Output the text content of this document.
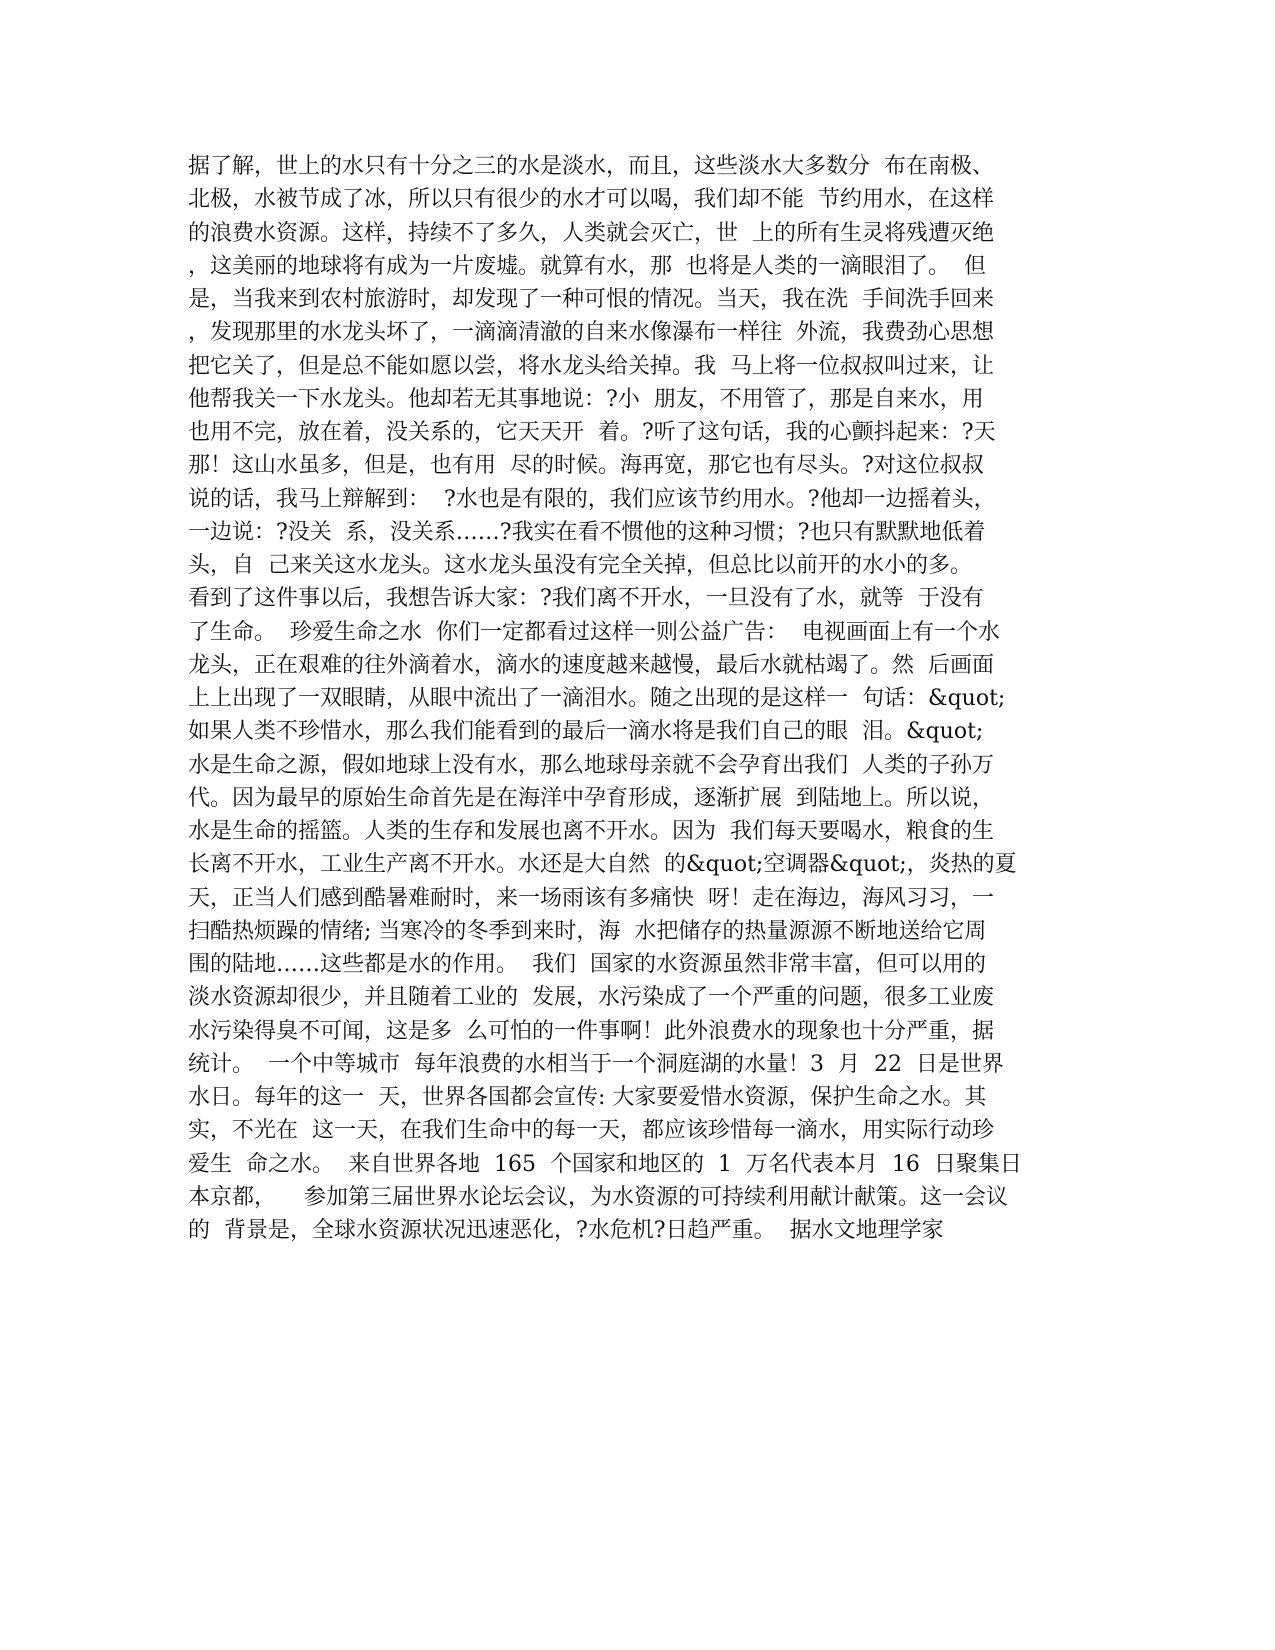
据了解，世上的水只有十分之三的水是淡水，而且，这些淡水大多数分  布在南极、
北极，水被节成了冰，所以只有很少的水才可以喝，我们却不能  节约用水，在这样
的浪费水资源。这样，持续不了多久，人类就会灭亡，世  上的所有生灵将残遭灭绝
，这美丽的地球将有成为一片废墟。就算有水，那  也将是人类的一滴眼泪了。  但
是，当我来到农村旅游时，却发现了一种可恨的情况。当天，我在洗  手间洗手回来
，发现那里的水龙头坏了，一滴滴清澈的自来水像瀑布一样往  外流，我费劲心思想
把它关了，但是总不能如愿以尝，将水龙头给关掉。我  马上将一位叔叔叫过来，让
他帮我关一下水龙头。他却若无其事地说：?小  朋友，不用管了，那是自来水，用
也用不完，放在着，没关系的，它天天开  着。?听了这句话，我的心颤抖起来：?天
那！这山水虽多，但是，也有用  尽的时候。海再宽，那它也有尽头。?对这位叔叔
说的话，我马上辩解到：  ?水也是有限的，我们应该节约用水。?他却一边摇着头，
一边说：?没关  系，没关系……?我实在看不惯他的这种习惯；?也只有默默地低着
头，自  己来关这水龙头。这水龙头虽没有完全关掉，但总比以前开的水小的多。
看到了这件事以后，我想告诉大家：?我们离不开水，一旦没有了水，就等  于没有
了生命。  珍爱生命之水  你们一定都看过这样一则公益广告：  电视画面上有一个水
龙头，正在艰难的往外滴着水，滴水的速度越来越慢，最后水就枯竭了。然  后画面
上上出现了一双眼睛，从眼中流出了一滴泪水。随之出现的是这样一  句话：&quot;
如果人类不珍惜水，那么我们能看到的最后一滴水将是我们自己的眼  泪。&quot;
水是生命之源，假如地球上没有水，那么地球母亲就不会孕育出我们  人类的子孙万
代。因为最早的原始生命首先是在海洋中孕育形成，逐渐扩展  到陆地上。所以说，
水是生命的摇篮。人类的生存和发展也离不开水。因为  我们每天要喝水，粮食的生
长离不开水，工业生产离不开水。水还是大自然  的&quot;空调器&quot;，炎热的夏
天，正当人们感到酷暑难耐时，来一场雨该有多痛快  呀！走在海边，海风习习，一
扫酷热烦躁的情绪; 当寒冷的冬季到来时，海  水把储存的热量源源不断地送给它周
围的陆地……这些都是水的作用。  我们  国家的水资源虽然非常丰富，但可以用的
淡水资源却很少，并且随着工业的  发展，水污染成了一个严重的问题，很多工业废
水污染得臭不可闻，这是多  么可怕的一件事啊！此外浪费水的现象也十分严重，据
统计。  一个中等城市  每年浪费的水相当于一个洞庭湖的水量！3  月  22  日是世界
水日。每年的这一  天，世界各国都会宣传: 大家要爱惜水资源，保护生命之水。其
实，不光在  这一天，在我们生命中的每一天，都应该珍惜每一滴水，用实际行动珍
爱生  命之水。  来自世界各地  165  个国家和地区的  1  万名代表本月  16  日聚集日
本京都，    参加第三届世界水论坛会议，为水资源的可持续利用献计献策。这一会议
的  背景是，全球水资源状况迅速恶化，?水危机?日趋严重。  据水文地理学家
